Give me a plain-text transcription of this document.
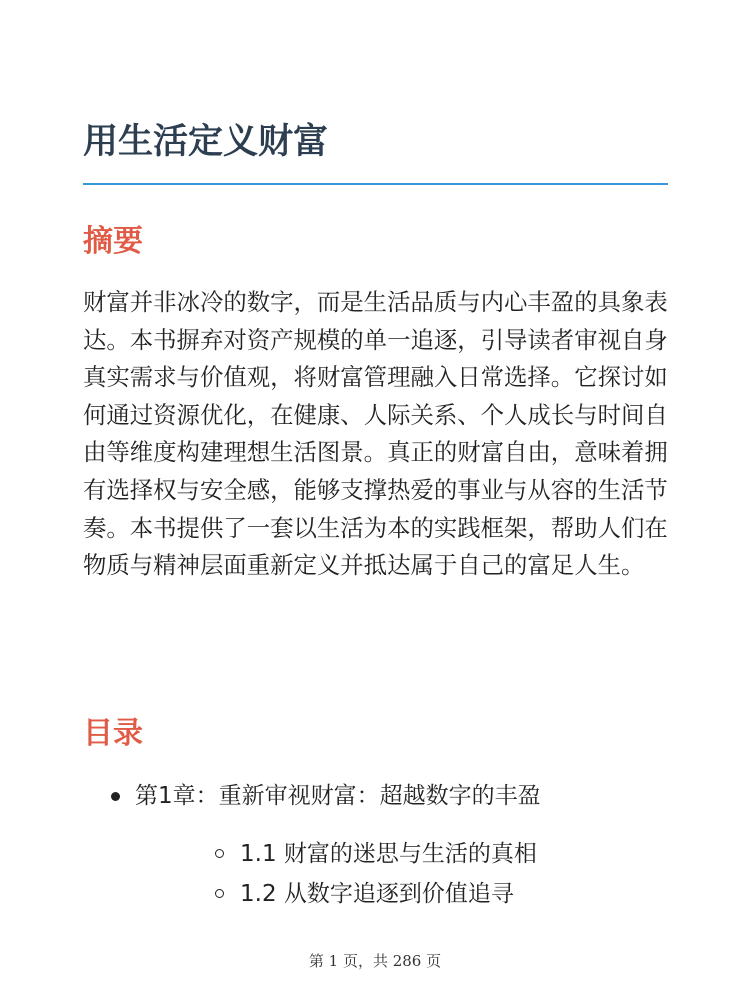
用生活定义财富
摘要

财富并非冰冷的数字，而是生活品质与内心丰盈的具象表达。本书摒弃对资产规模的单一追逐，引导读者审视自身真实需求与价值观，将财富管理融入日常选择。它探讨如何通过资源优化，在健康、人际关系、个人成长与时间自由等维度构建理想生活图景。真正的财富自由，意味着拥有选择权与安全感，能够支撑热爱的事业与从容的生活节奏。本书提供了一套以生活为本的实践框架，帮助人们在物质与精神层面重新定义并抵达属于自己的富足人生。

目录
第1章：重新审视财富：超越数字的丰盈
1.1 财富的迷思与生活的真相
1.2 从数字追逐到价值追寻
第 1 页，共 286 页
